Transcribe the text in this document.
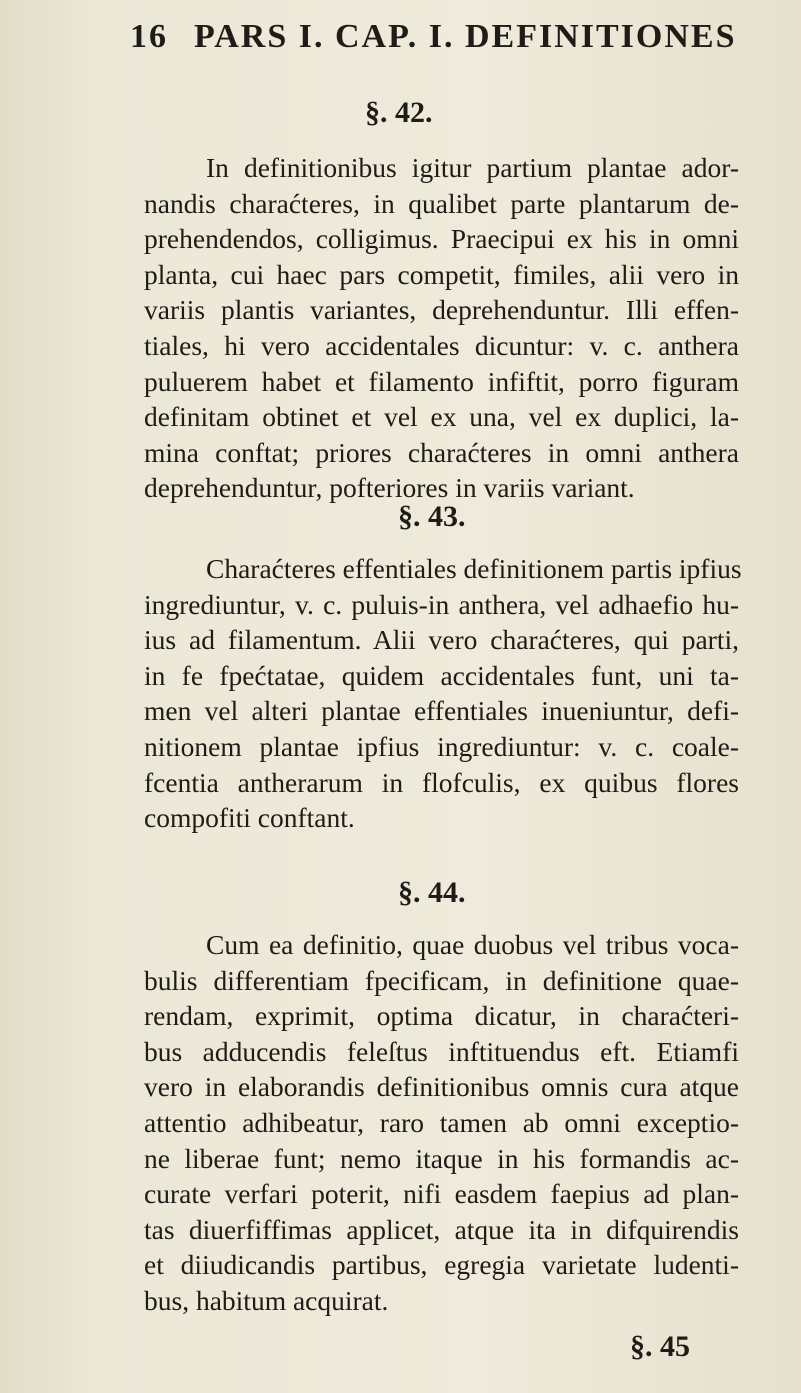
16 PARS I. CAP. I. DEFINITIONES
§. 42.
In definitionibus igitur partium plantae ador-
nandis charaćteres, in qualibet parte plantarum de-
prehendendos, colligimus. Praecipui ex his in omni
planta, cui haec pars competit, fimiles, alii vero in
variis plantis variantes, deprehenduntur. Illi effen-
tiales, hi vero accidentales dicuntur: v. c. anthera
puluerem habet et filamento infiftit, porro figuram
definitam obtinet et vel ex una, vel ex duplici, la-
mina conftat; priores charaćteres in omni anthera
deprehenduntur, pofteriores in variis variant.
§. 43.
Charaćteres effentiales definitionem partis ipfius
ingrediuntur, v. c. puluis-in anthera, vel adhaefio hu-
ius ad filamentum. Alii vero charaćteres, qui parti,
in fe fpećtatae, quidem accidentales funt, uni ta-
men vel alteri plantae effentiales inueniuntur, defi-
nitionem plantae ipfius ingrediuntur: v. c. coale-
fcentia antherarum in flofculis, ex quibus flores
compofiti conftant.
§. 44.
Cum ea definitio, quae duobus vel tribus voca-
bulis differentiam fpecificam, in definitione quae-
rendam, exprimit, optima dicatur, in charaćteri-
bus adducendis feleſtus inftituendus eft. Etiamfi
vero in elaborandis definitionibus omnis cura atque
attentio adhibeatur, raro tamen ab omni exceptio-
ne liberae funt; nemo itaque in his formandis ac-
curate verfari poterit, nifi easdem faepius ad plan-
tas diuerfiffimas applicet, atque ita in difquirendis
et diiudicandis partibus, egregia varietate ludenti-
bus, habitum acquirat.
§. 45
